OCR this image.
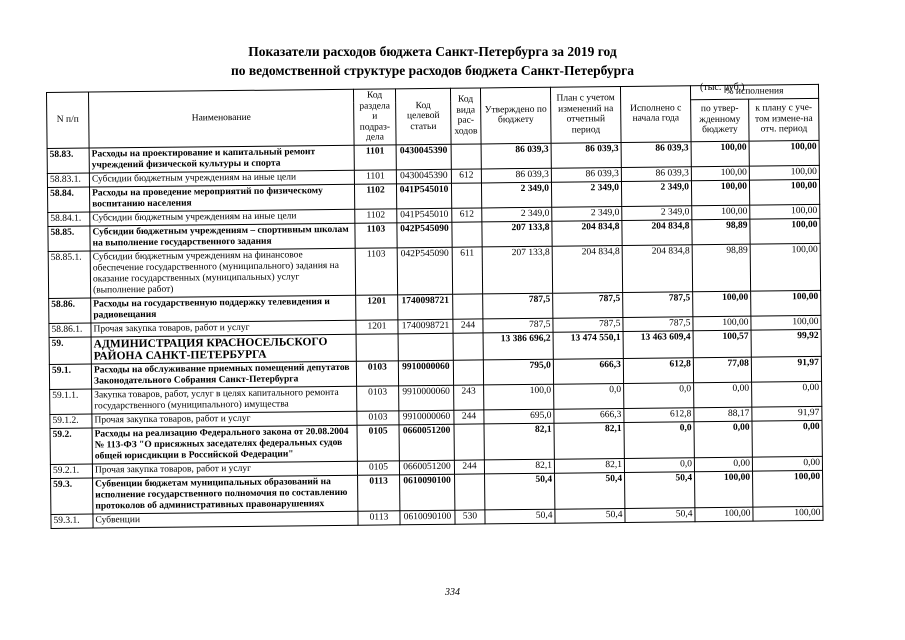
Показатели расходов бюджета Санкт-Петербурга за 2019 год
по ведомственной структуре расходов бюджета Санкт-Петербурга
(тыс. руб.)
N п/п	Наименование	Код раздела и подраз-дела	Код целевой статьи	Код вида рас-ходов	Утверждено по бюджету	План с учетом изменений на отчетный период	Исполнено с начала года	% исполнения	
								по утвер-жденному бюджету	к плану с уче-том измене-на отч. период
58.83.	Расходы на проектирование и капитальный ремонт учреждений физической культуры и спорта	1101	0430045390		86 039,3	86 039,3	86 039,3	100,00	100,00
58.83.1.	Субсидии бюджетным учреждениям на иные цели	1101	0430045390	612	86 039,3	86 039,3	86 039,3	100,00	100,00
58.84.	Расходы на проведение мероприятий по физическому воспитанию населения	1102	041P545010		2 349,0	2 349,0	2 349,0	100,00	100,00
58.84.1.	Субсидии бюджетным учреждениям на иные цели	1102	041P545010	612	2 349,0	2 349,0	2 349,0	100,00	100,00
58.85.	Субсидии бюджетным учреждениям – спортивным школам на выполнение государственного задания	1103	042P545090		207 133,8	204 834,8	204 834,8	98,89	100,00
58.85.1.	Субсидии бюджетным учреждениям на финансовое обеспечение государственного (муниципального) задания на оказание государственных (муниципальных) услуг (выполнение работ)	1103	042P545090	611	207 133,8	204 834,8	204 834,8	98,89	100,00
58.86.	Расходы на государственную поддержку телевидения и радиовещания	1201	1740098721		787,5	787,5	787,5	100,00	100,00
58.86.1.	Прочая закупка товаров, работ и услуг	1201	1740098721	244	787,5	787,5	787,5	100,00	100,00
59.	АДМИНИСТРАЦИЯ КРАСНОСЕЛЬСКОГО РАЙОНА САНКТ-ПЕТЕРБУРГА				13 386 696,2	13 474 550,1	13 463 609,4	100,57	99,92
59.1.	Расходы на обслуживание приемных помещений депутатов Законодательного Собрания Санкт-Петербурга	0103	9910000060		795,0	666,3	612,8	77,08	91,97
59.1.1.	Закупка товаров, работ, услуг в целях капитального ремонта государственного (муниципального) имущества	0103	9910000060	243	100,0	0,0	0,0	0,00	0,00
59.1.2.	Прочая закупка товаров, работ и услуг	0103	9910000060	244	695,0	666,3	612,8	88,17	91,97
59.2.	Расходы на реализацию Федерального закона от 20.08.2004 № 113-ФЗ "О присяжных заседателях федеральных судов общей юрисдикции в Российской Федерации"	0105	0660051200		82,1	82,1	0,0	0,00	0,00
59.2.1.	Прочая закупка товаров, работ и услуг	0105	0660051200	244	82,1	82,1	0,0	0,00	0,00
59.3.	Субвенции бюджетам муниципальных образований на исполнение государственного полномочия по составлению протоколов об административных правонарушениях	0113	0610090100		50,4	50,4	50,4	100,00	100,00
59.3.1.	Субвенции	0113	0610090100	530	50,4	50,4	50,4	100,00	100,00
334
